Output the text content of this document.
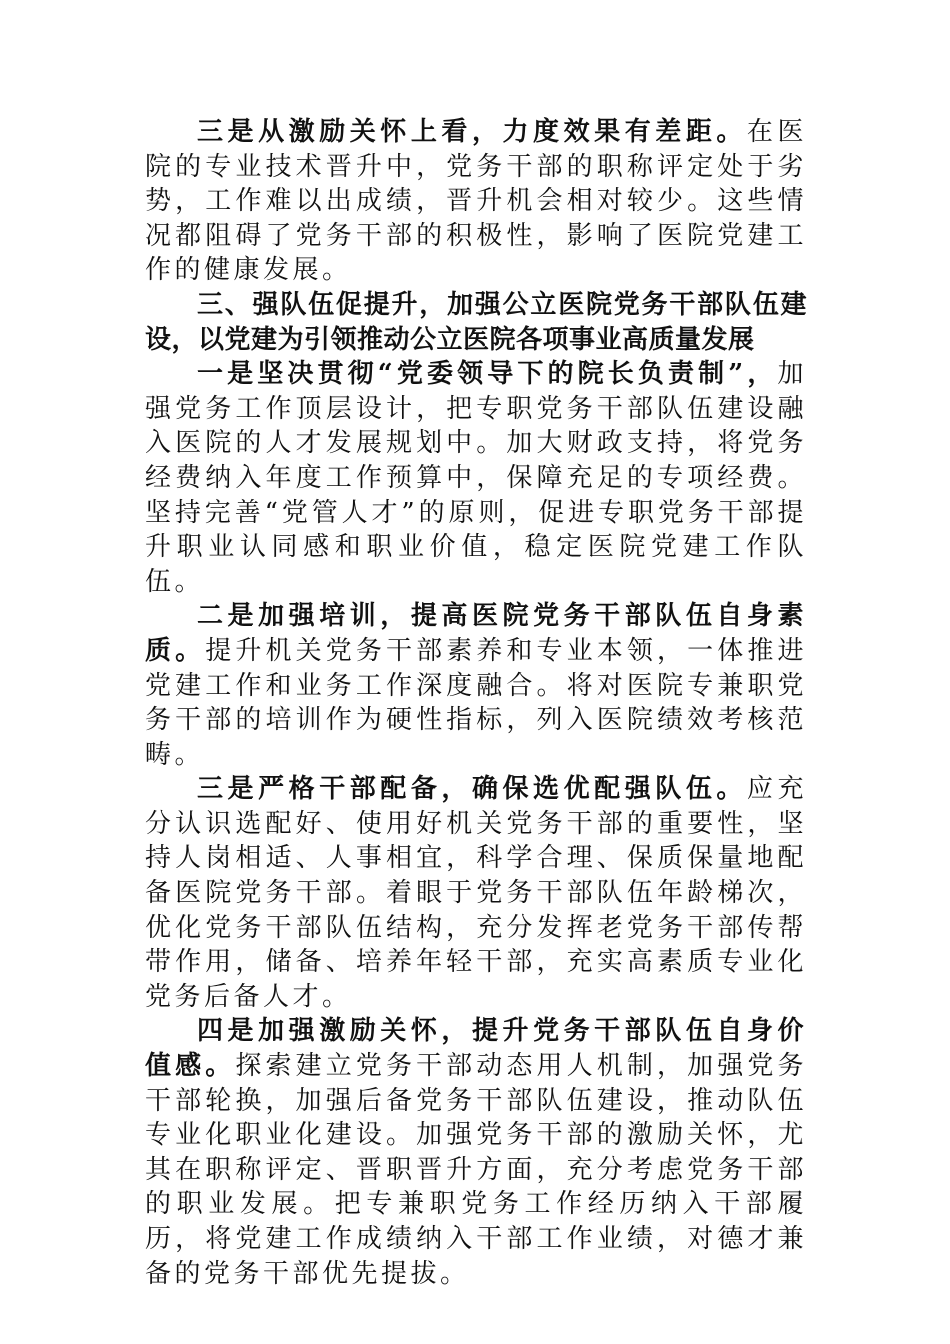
三是从激励关怀上看，力度效果有差距。在医院的专业技术晋升中，党务干部的职称评定处于劣势，工作难以出成绩，晋升机会相对较少。这些情况都阻碍了党务干部的积极性，影响了医院党建工作的健康发展。

三、强队伍促提升，加强公立医院党务干部队伍建设，以党建为引领推动公立医院各项事业高质量发展

一是坚决贯彻“党委领导下的院长负责制”，加强党务工作顶层设计，把专职党务干部队伍建设融入医院的人才发展规划中。加大财政支持，将党务经费纳入年度工作预算中，保障充足的专项经费。坚持完善“党管人才”的原则，促进专职党务干部提升职业认同感和职业价值，稳定医院党建工作队伍。

二是加强培训，提高医院党务干部队伍自身素质。提升机关党务干部素养和专业本领，一体推进党建工作和业务工作深度融合。将对医院专兼职党务干部的培训作为硬性指标，列入医院绩效考核范畴。

三是严格干部配备，确保选优配强队伍。应充分认识选配好、使用好机关党务干部的重要性，坚持人岗相适、人事相宜，科学合理、保质保量地配备医院党务干部。着眼于党务干部队伍年龄梯次，优化党务干部队伍结构，充分发挥老党务干部传帮带作用，储备、培养年轻干部，充实高素质专业化党务后备人才。

四是加强激励关怀，提升党务干部队伍自身价值感。探索建立党务干部动态用人机制，加强党务干部轮换，加强后备党务干部队伍建设，推动队伍专业化职业化建设。加强党务干部的激励关怀，尤其在职称评定、晋职晋升方面，充分考虑党务干部的职业发展。把专兼职党务工作经历纳入干部履历，将党建工作成绩纳入干部工作业绩，对德才兼备的党务干部优先提拔。
